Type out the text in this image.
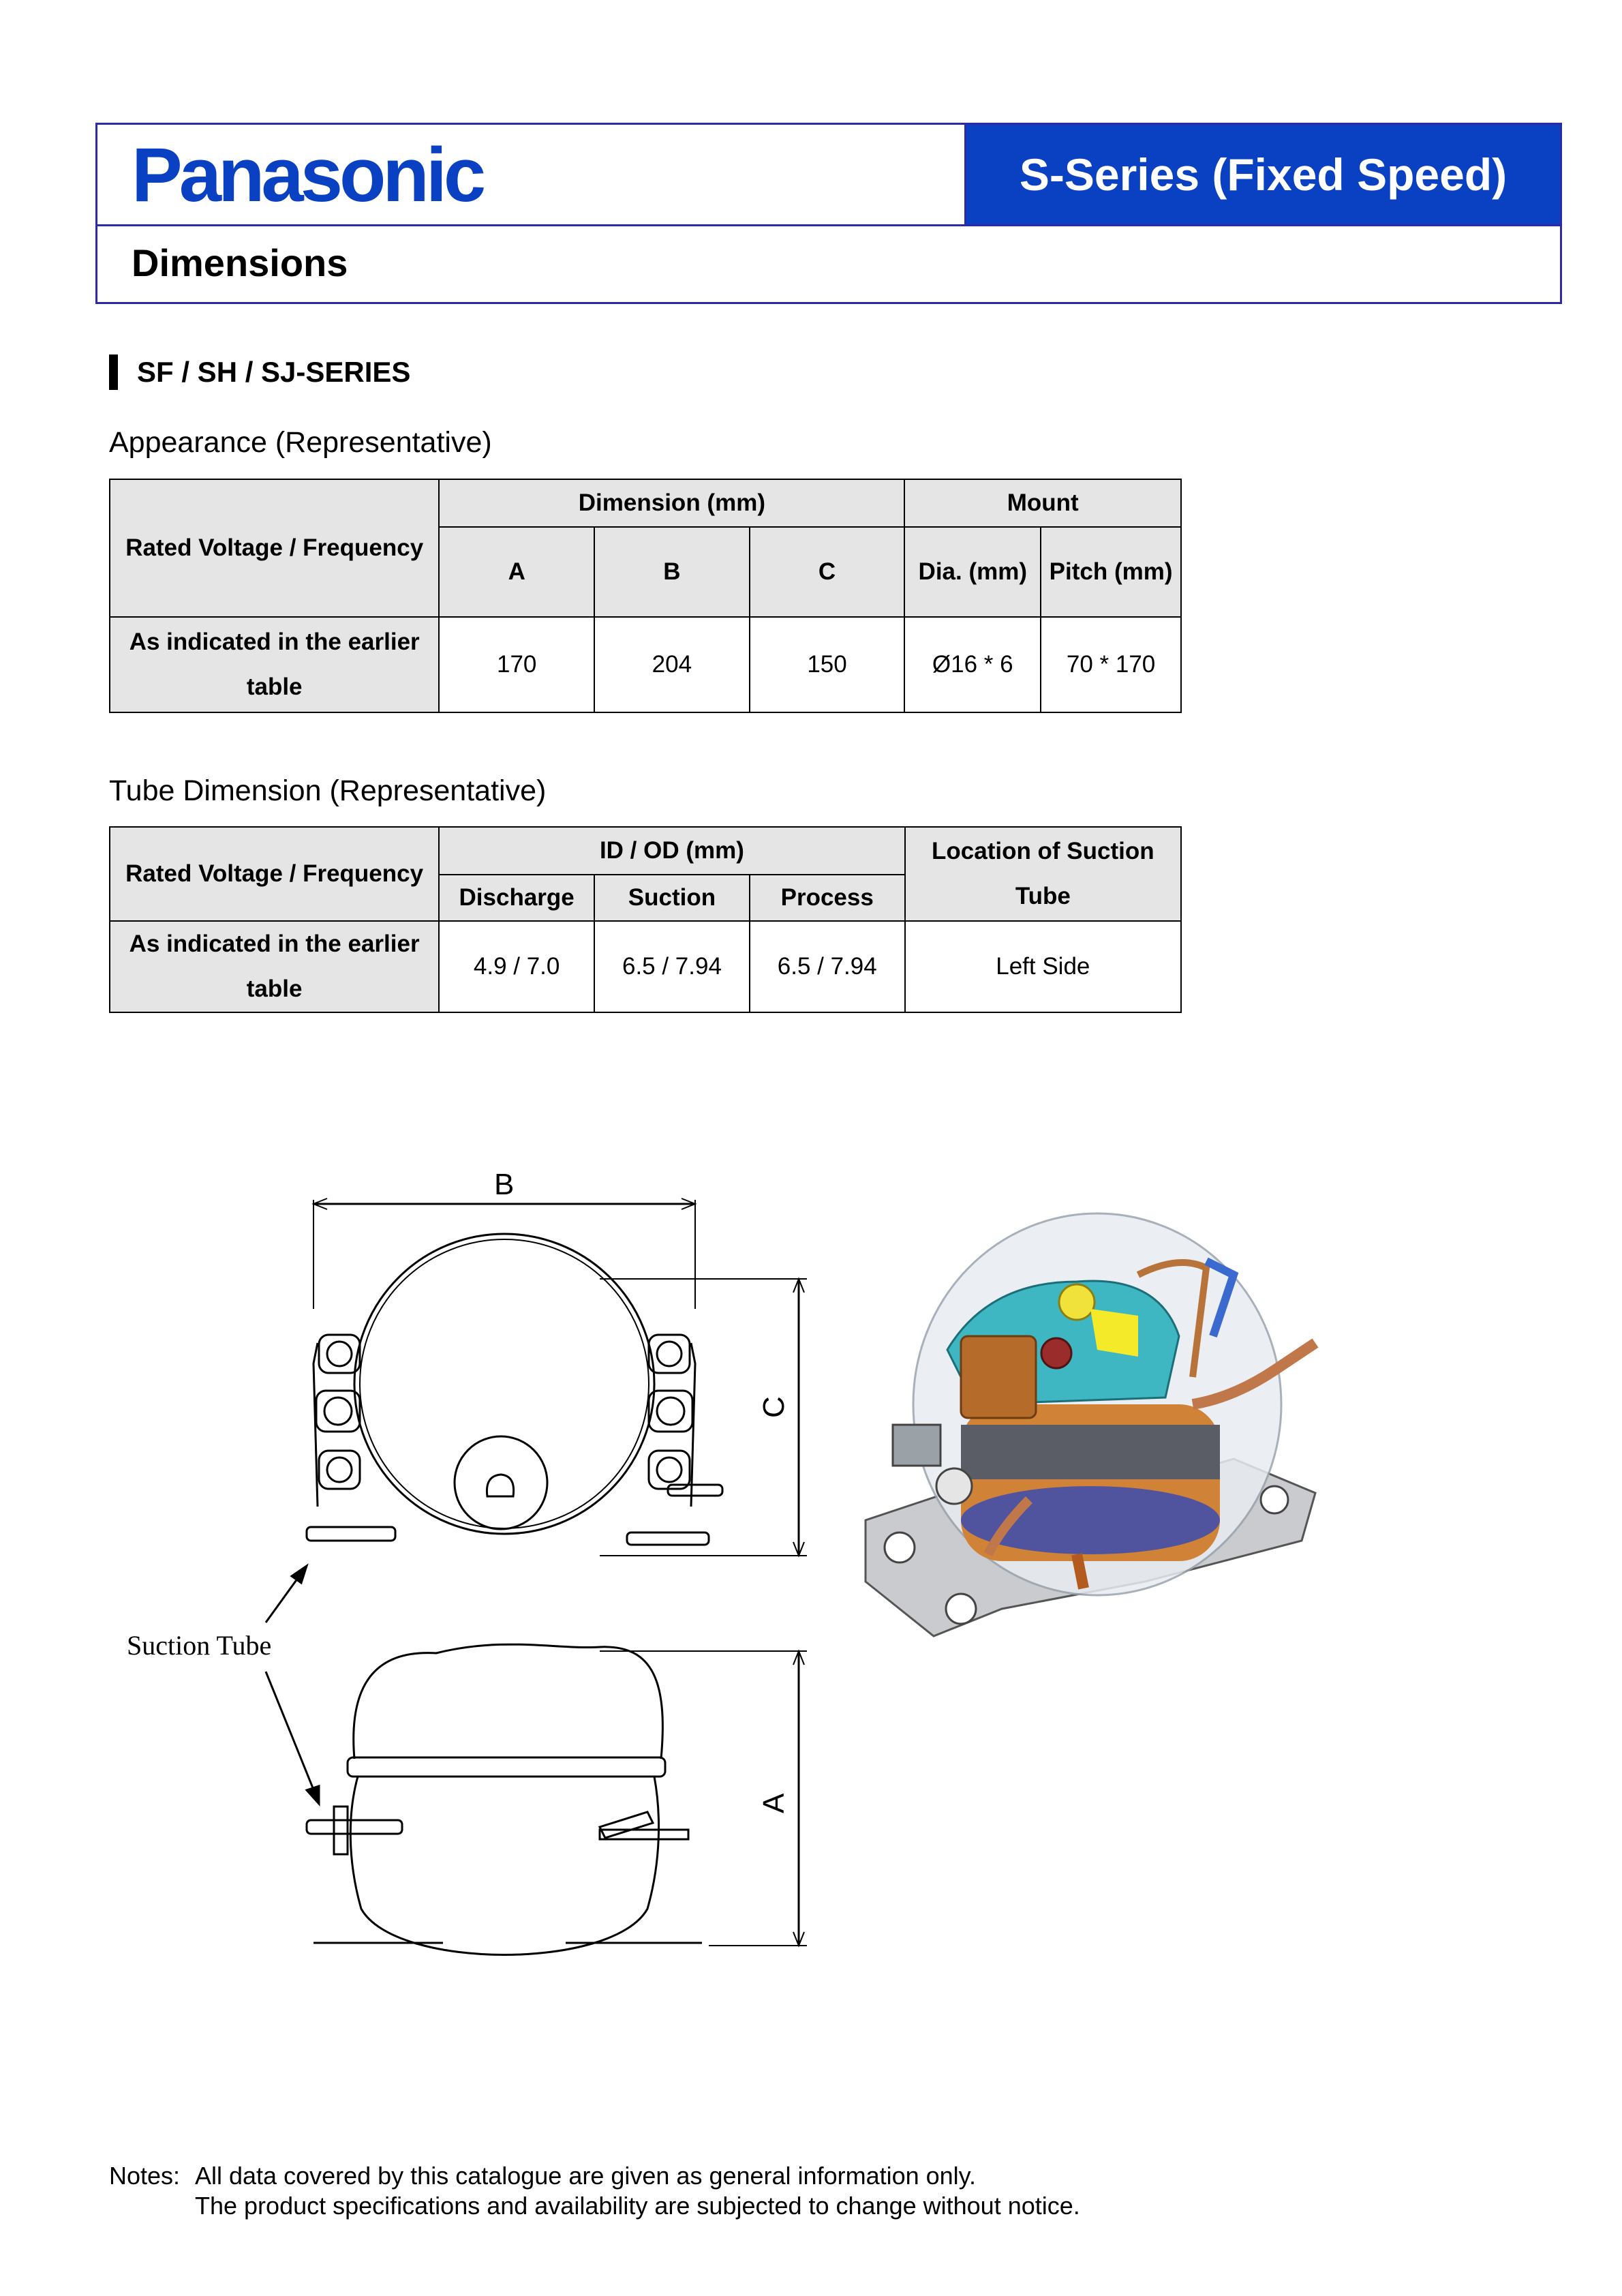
Panasonic	S-Series (Fixed Speed)
Dimensions
SF / SH / SJ-SERIES
Appearance (Representative)
Rated Voltage / Frequency	Dimension (mm)			Mount	
	A	B	C	Dia. (mm)	Pitch (mm)
As indicated in the earlier table	170	204	150	Ø16 * 6	70 * 170
Tube Dimension (Representative)
Rated Voltage / Frequency	ID / OD (mm)			Location of Suction Tube
	Discharge	Suction	Process	
As indicated in the earlier table	4.9 / 7.0	6.5 / 7.94	6.5 / 7.94	Left Side
B
C
A
Suction Tube
Notes: All data covered by this catalogue are given as general information only.
The product specifications and availability are subjected to change without notice.
